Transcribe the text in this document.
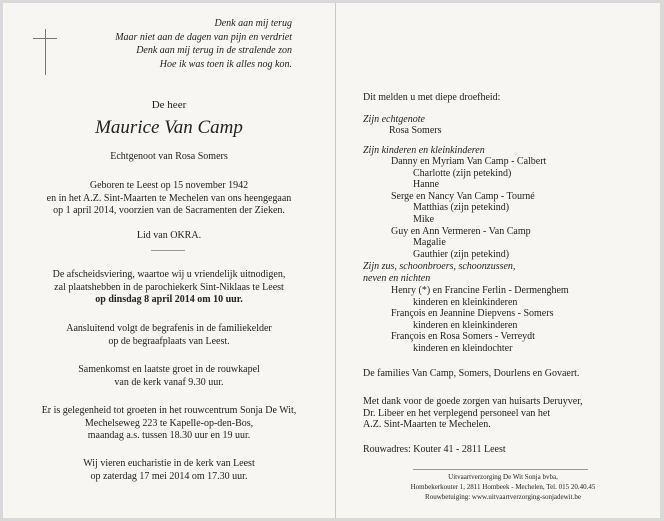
Denk aan mij terug
Maar niet aan de dagen van pijn en verdriet
Denk aan mij terug in de stralende zon
Hoe ik was toen ik alles nog kon.
De heer
Maurice Van Camp
Echtgenoot van Rosa Somers
Geboren te Leest op 15 november 1942
en in het A.Z. Sint-Maarten te Mechelen van ons heengegaan
op 1 april 2014, voorzien van de Sacramenten der Zieken.
Lid van OKRA.
De afscheidsviering, waartoe wij u vriendelijk uitnodigen,
zal plaatshebben in de parochiekerk Sint-Niklaas te Leest
op dinsdag 8 april 2014 om 10 uur.
Aansluitend volgt de begrafenis in de familiekelder
op de begraafplaats van Leest.
Samenkomst en laatste groet in de rouwkapel
van de kerk vanaf 9.30 uur.
Er is gelegenheid tot groeten in het rouwcentrum Sonja De Wit,
Mechelseweg 223 te Kapelle-op-den-Bos,
maandag a.s. tussen 18.30 uur en 19 uur.
Wij vieren eucharistie in de kerk van Leest
op zaterdag 17 mei 2014 om 17.30 uur.
Dit melden u met diepe droefheid:
Zijn echtgenote
Rosa Somers
Zijn kinderen en kleinkinderen
Danny en Myriam Van Camp - Calbert
Charlotte (zijn petekind)
Hanne
Serge en Nancy Van Camp - Tourné
Matthias (zijn petekind)
Mike
Guy en Ann Vermeren - Van Camp
Magalie
Gauthier (zijn petekind)
Zijn zus, schoonbroers, schoonzussen,
neven en nichten
Henry (*) en Francine Ferlin - Dermenghem
kinderen en kleinkinderen
François en Jeannine Diepvens - Somers
kinderen en kleinkinderen
François en Rosa Somers - Verreydt
kinderen en kleindochter
De families Van Camp, Somers, Dourlens en Govaert.
Met dank voor de goede zorgen van huisarts Deruyver,
Dr. Libeer en het verplegend personeel van het
A.Z. Sint-Maarten te Mechelen.
Rouwadres: Kouter 41 - 2811 Leest
Uitvaartverzorging De Wit Sonja bvba,
Hombekerkouter 1, 2811 Hombeek - Mechelen, Tel. 015 20.40.45
Rouwbetuiging: www.uitvaartverzorging-sonjadewit.be
